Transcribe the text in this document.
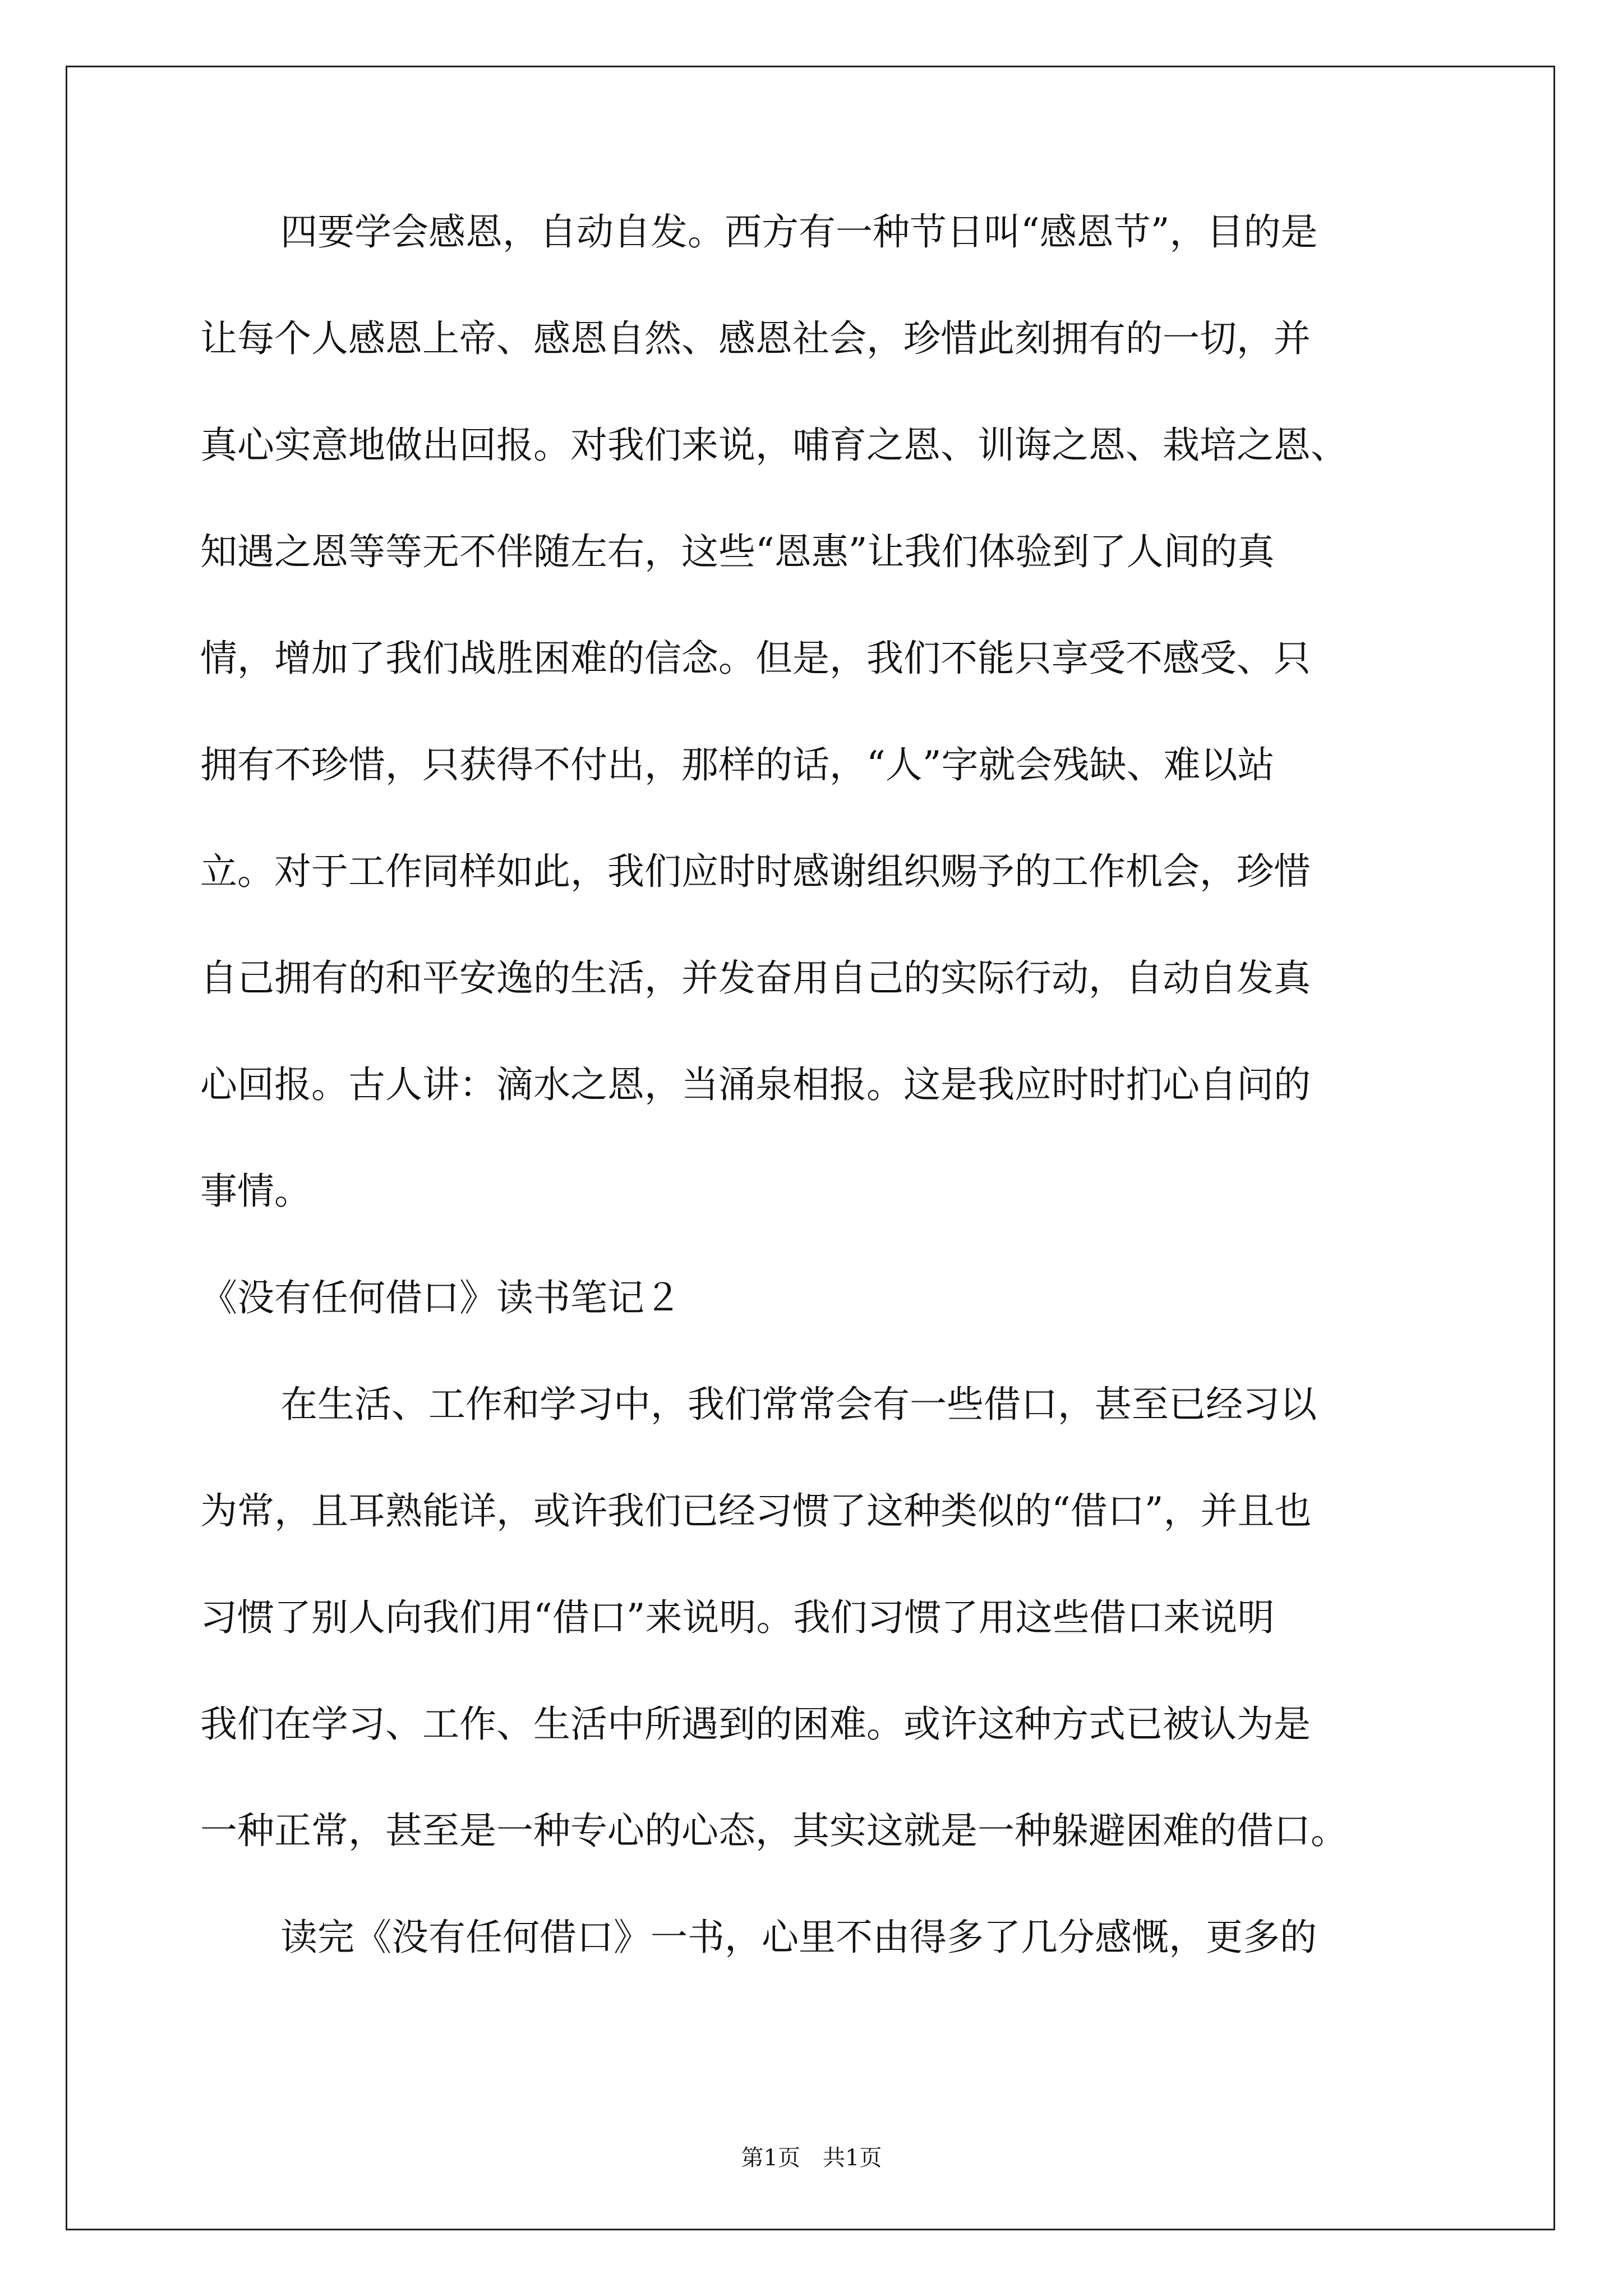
四要学会感恩，自动自发。西方有一种节日叫“感恩节”，目的是

让每个人感恩上帝、感恩自然、感恩社会，珍惜此刻拥有的一切，并

真心实意地做出回报。对我们来说，哺育之恩、训诲之恩、栽培之恩、

知遇之恩等等无不伴随左右，这些“恩惠”让我们体验到了人间的真

情，增加了我们战胜困难的信念。但是，我们不能只享受不感受、只

拥有不珍惜，只获得不付出，那样的话，“人”字就会残缺、难以站

立。对于工作同样如此，我们应时时感谢组织赐予的工作机会，珍惜

自己拥有的和平安逸的生活，并发奋用自己的实际行动，自动自发真

心回报。古人讲：滴水之恩，当涌泉相报。这是我应时时扪心自问的

事情。

《没有任何借口》读书笔记２

在生活、工作和学习中，我们常常会有一些借口，甚至已经习以

为常，且耳熟能详，或许我们已经习惯了这种类似的“借口”，并且也

习惯了别人向我们用“借口”来说明。我们习惯了用这些借口来说明

我们在学习、工作、生活中所遇到的困难。或许这种方式已被认为是

一种正常，甚至是一种专心的心态，其实这就是一种躲避困难的借口。

读完《没有任何借口》一书，心里不由得多了几分感慨，更多的

第1页　共1页
